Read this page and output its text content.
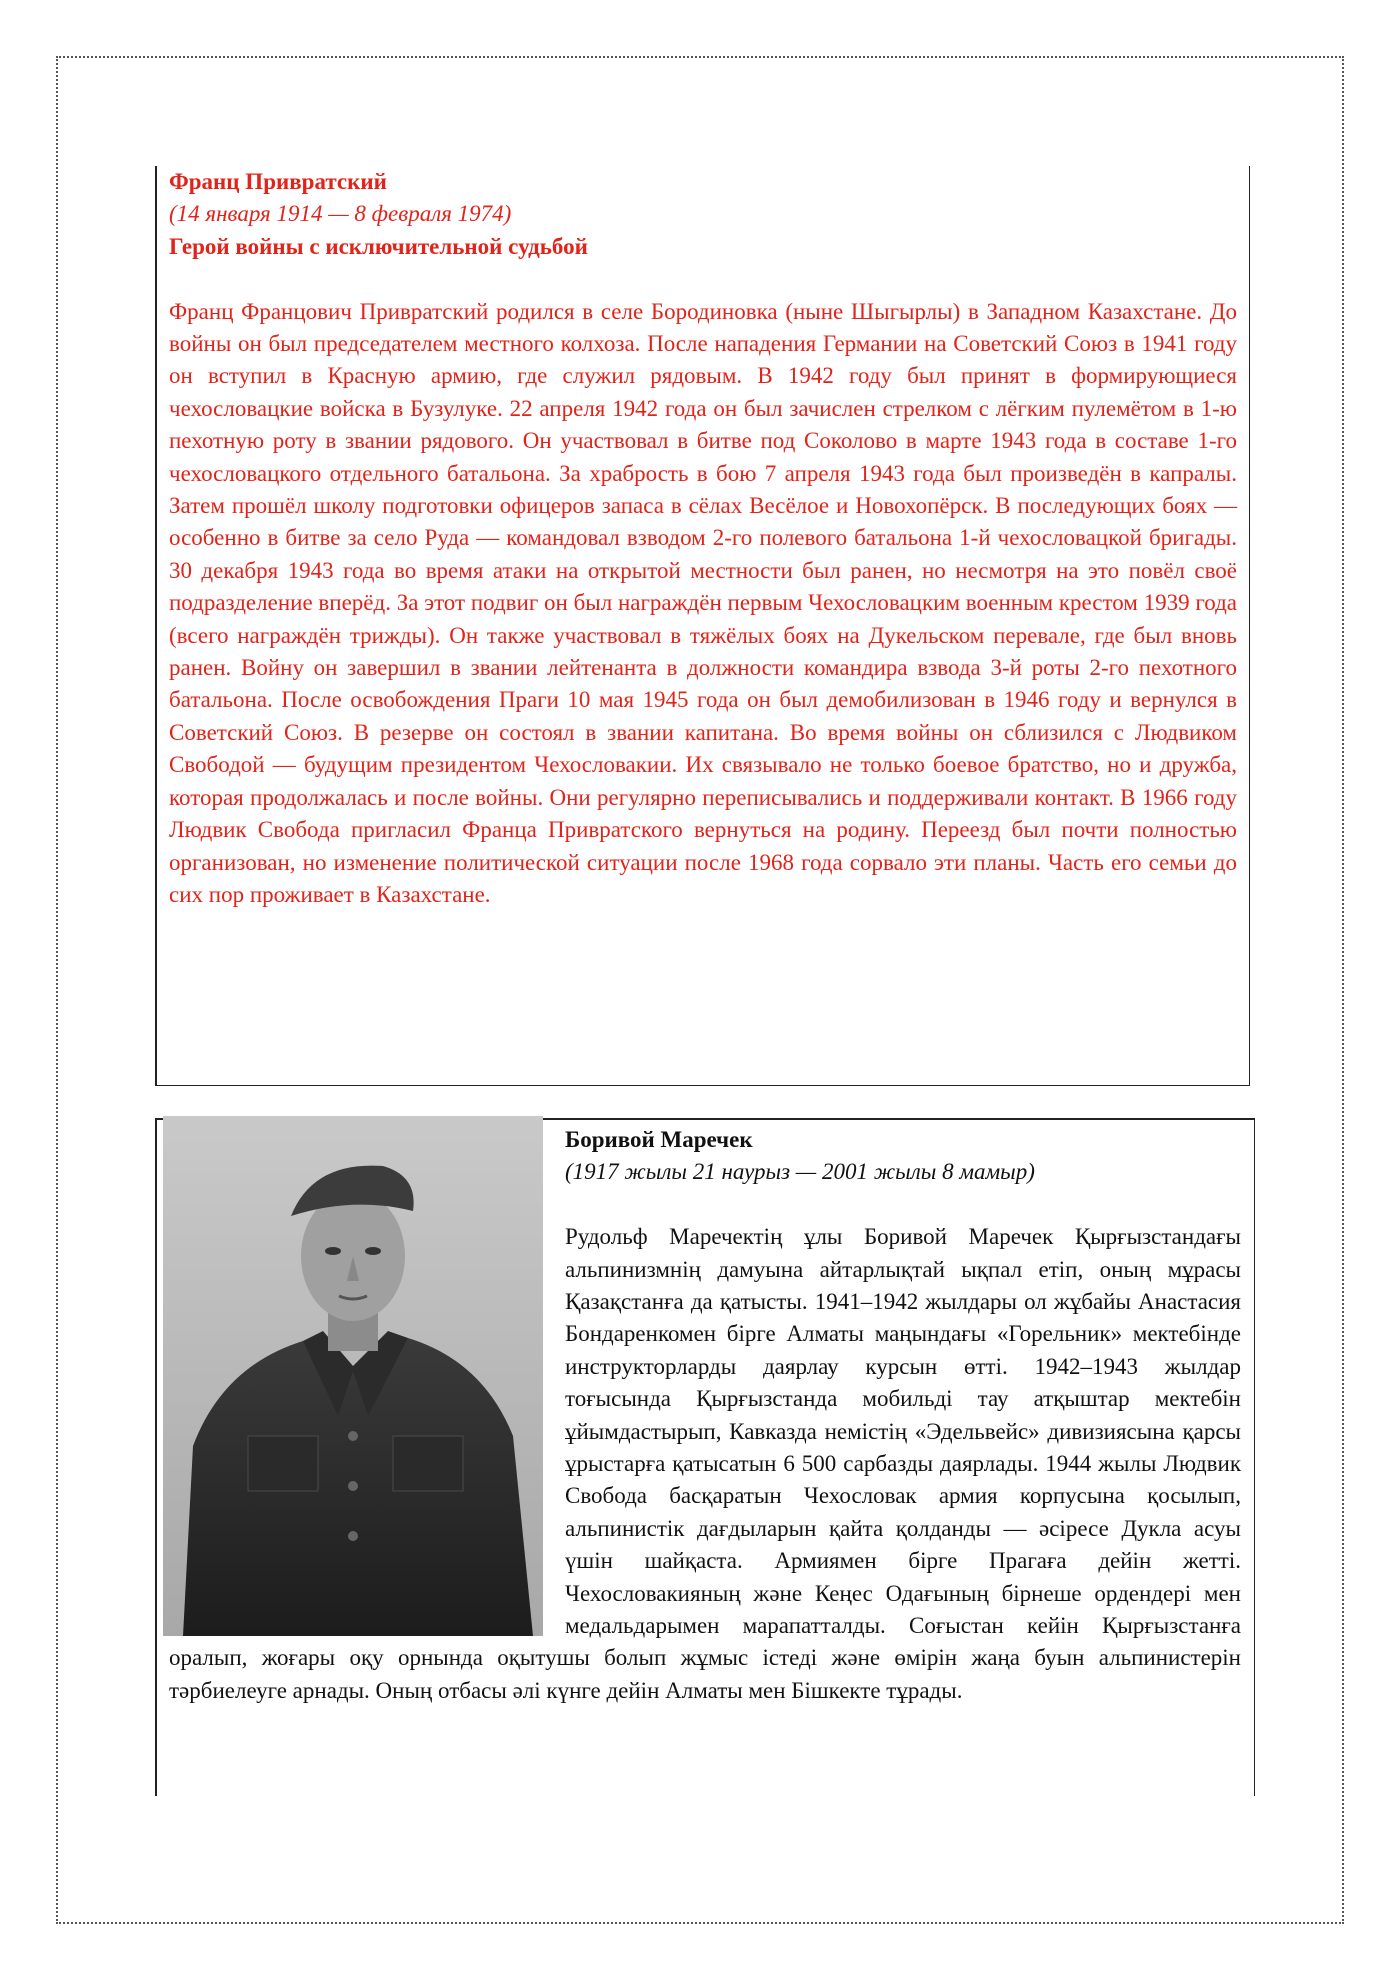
Франц Привратский
(14 января 1914 — 8 февраля 1974)
Герой войны с исключительной судьбой
Франц Францович Привратский родился в селе Бородиновка (ныне Шыгырлы) в Западном Казахстане. До войны он был председателем местного колхоза. После нападения Германии на Советский Союз в 1941 году он вступил в Красную армию, где служил рядовым. В 1942 году был принят в формирующиеся чехословацкие войска в Бузулуке. 22 апреля 1942 года он был зачислен стрелком с лёгким пулемётом в 1-ю пехотную роту в звании рядового. Он участвовал в битве под Соколово в марте 1943 года в составе 1-го чехословацкого отдельного батальона. За храбрость в бою 7 апреля 1943 года был произведён в капралы. Затем прошёл школу подготовки офицеров запаса в сёлах Весёлое и Новохопёрск. В последующих боях — особенно в битве за село Руда — командовал взводом 2-го полевого батальона 1-й чехословацкой бригады. 30 декабря 1943 года во время атаки на открытой местности был ранен, но несмотря на это повёл своё подразделение вперёд. За этот подвиг он был награждён первым Чехословацким военным крестом 1939 года (всего награждён трижды). Он также участвовал в тяжёлых боях на Дукельском перевале, где был вновь ранен. Войну он завершил в звании лейтенанта в должности командира взвода 3-й роты 2-го пехотного батальона. После освобождения Праги 10 мая 1945 года он был демобилизован в 1946 году и вернулся в Советский Союз. В резерве он состоял в звании капитана. Во время войны он сблизился с Людвиком Свободой — будущим президентом Чехословакии. Их связывало не только боевое братство, но и дружба, которая продолжалась и после войны. Они регулярно переписывались и поддерживали контакт. В 1966 году Людвик Свобода пригласил Франца Привратского вернуться на родину. Переезд был почти полностью организован, но изменение политической ситуации после 1968 года сорвало эти планы. Часть его семьи до сих пор проживает в Казахстане.
Боривой Маречек
(1917 жылы 21 наурыз — 2001 жылы 8 мамыр)
Рудольф Маречектің ұлы Боривой Маречек Қырғызстандағы альпинизмнің дамуына айтарлықтай ықпал етіп, оның мұрасы Қазақстанға да қатысты. 1941–1942 жылдары ол жұбайы Анастасия Бондаренкомен бірге Алматы маңындағы «Горельник» мектебінде инструкторларды даярлау курсын өтті. 1942–1943 жылдар тоғысында Қырғызстанда мобильді тау атқыштар мектебін ұйымдастырып, Кавказда немістің «Эдельвейс» дивизиясына қарсы ұрыстарға қатысатын 6 500 сарбазды даярлады. 1944 жылы Людвик Свобода басқаратын Чехословак армия корпусына қосылып, альпинистік дағдыларын қайта қолданды — әсіресе Дукла асуы үшін шайқаста. Армиямен бірге Прагаға дейін жетті. Чехословакияның және Кеңес Одағының бірнеше ордендері мен медальдарымен марапатталды. Соғыстан кейін Қырғызстанға оралып, жоғары оқу орнында оқытушы болып жұмыс істеді және өмірін жаңа буын альпинистерін тәрбиелеуге арнады. Оның отбасы әлі күнге дейін Алматы мен Бішкекте тұрады.
